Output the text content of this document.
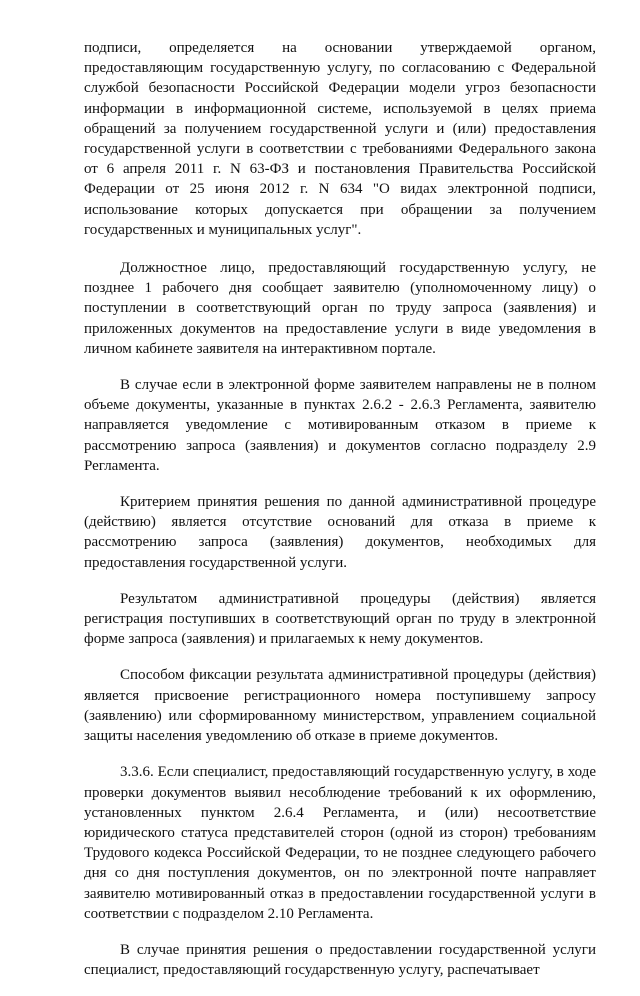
подписи, определяется на основании утверждаемой органом, предоставляющим государственную услугу, по согласованию с Федеральной службой безопасности Российской Федерации модели угроз безопасности информации в информационной системе, используемой в целях приема обращений за получением государственной услуги и (или) предоставления государственной услуги в соответствии с требованиями Федерального закона от 6 апреля 2011 г. N 63-ФЗ и постановления Правительства Российской Федерации от 25 июня 2012 г. N 634 "О видах электронной подписи, использование которых допускается при обращении за получением государственных и муниципальных услуг".

Должностное лицо, предоставляющий государственную услугу, не позднее 1 рабочего дня сообщает заявителю (уполномоченному лицу) о поступлении в соответствующий орган по труду запроса (заявления) и приложенных документов на предоставление услуги в виде уведомления в личном кабинете заявителя на интерактивном портале.

В случае если в электронной форме заявителем направлены не в полном объеме документы, указанные в пунктах 2.6.2 - 2.6.3 Регламента, заявителю направляется уведомление с мотивированным отказом в приеме к рассмотрению запроса (заявления) и документов согласно подразделу 2.9 Регламента.

Критерием принятия решения по данной административной процедуре (действию) является отсутствие оснований для отказа в приеме к рассмотрению запроса (заявления) документов, необходимых для предоставления государственной услуги.

Результатом административной процедуры (действия) является регистрация поступивших в соответствующий орган по труду в электронной форме запроса (заявления) и прилагаемых к нему документов.

Способом фиксации результата административной процедуры (действия) является присвоение регистрационного номера поступившему запросу (заявлению) или сформированному министерством, управлением социальной защиты населения уведомлению об отказе в приеме документов.

3.3.6. Если специалист, предоставляющий государственную услугу, в ходе проверки документов выявил несоблюдение требований к их оформлению, установленных пунктом 2.6.4 Регламента, и (или) несоответствие юридического статуса представителей сторон (одной из сторон) требованиям Трудового кодекса Российской Федерации, то не позднее следующего рабочего дня со дня поступления документов, он по электронной почте направляет заявителю мотивированный отказ в предоставлении государственной услуги в соответствии с подразделом 2.10 Регламента.

В случае принятия решения о предоставлении государственной услуги специалист, предоставляющий государственную услугу, распечатывает
